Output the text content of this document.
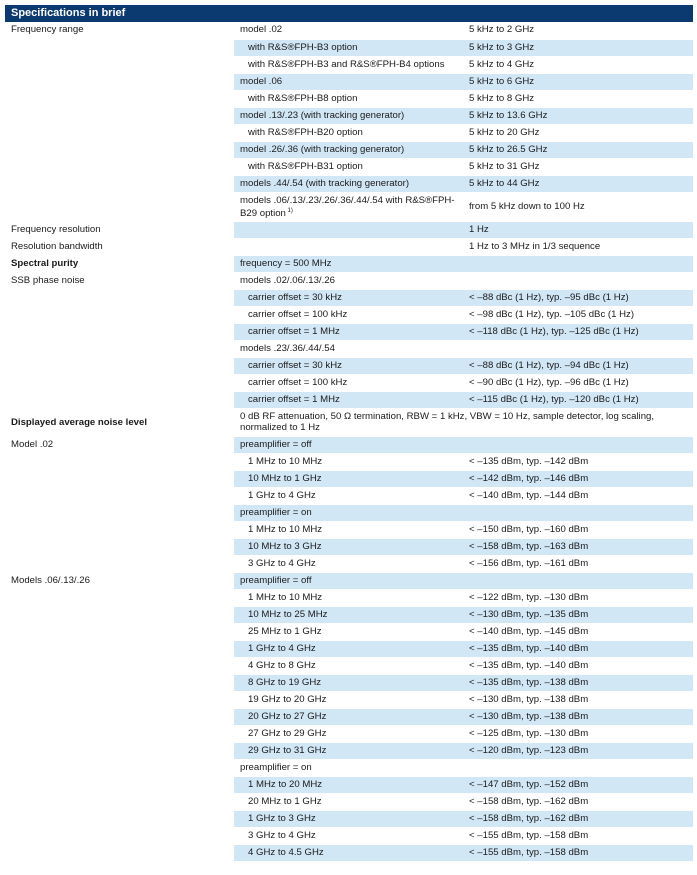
Specifications in brief
Frequency range	model .02	5 kHz to 2 GHz
	with R&S®FPH-B3 option	5 kHz to 3 GHz
	with R&S®FPH-B3 and R&S®FPH-B4 options	5 kHz to 4 GHz
	model .06	5 kHz to 6 GHz
	with R&S®FPH-B8 option	5 kHz to 8 GHz
	model .13/.23 (with tracking generator)	5 kHz to 13.6 GHz
	with R&S®FPH-B20 option	5 kHz to 20 GHz
	model .26/.36 (with tracking generator)	5 kHz to 26.5 GHz
	with R&S®FPH-B31 option	5 kHz to 31 GHz
	models .44/.54 (with tracking generator)	5 kHz to 44 GHz
	models .06/.13/.23/.26/.36/.44/.54 with R&S®FPH-B29 option $^{1)}$	from 5 kHz down to 100 Hz
Frequency resolution		1 Hz
Resolution bandwidth		1 Hz to 3 MHz in 1/3 sequence
Spectral purity	frequency = 500 MHz	
SSB phase noise	models .02/.06/.13/.26	
	carrier offset = 30 kHz	< –88 dBc (1 Hz), typ. –95 dBc (1 Hz)
	carrier offset = 100 kHz	< –98 dBc (1 Hz), typ. –105 dBc (1 Hz)
	carrier offset = 1 MHz	< –118 dBc (1 Hz), typ. –125 dBc (1 Hz)
	models .23/.36/.44/.54	
	carrier offset = 30 kHz	< –88 dBc (1 Hz), typ. –94 dBc (1 Hz)
	carrier offset = 100 kHz	< –90 dBc (1 Hz), typ. –96 dBc (1 Hz)
	carrier offset = 1 MHz	< –115 dBc (1 Hz), typ. –120 dBc (1 Hz)
Displayed average noise level	0 dB RF attenuation, 50 Ω termination, RBW = 1 kHz, VBW = 10 Hz, sample detector, log scaling, normalized to 1 Hz	
Model .02	preamplifier = off	
	1 MHz to 10 MHz	< –135 dBm, typ. –142 dBm
	10 MHz to 1 GHz	< –142 dBm, typ. –146 dBm
	1 GHz to 4 GHz	< –140 dBm, typ. –144 dBm
	preamplifier = on	
	1 MHz to 10 MHz	< –150 dBm, typ. –160 dBm
	10 MHz to 3 GHz	< –158 dBm, typ. –163 dBm
	3 GHz to 4 GHz	< –156 dBm, typ. –161 dBm
Models .06/.13/.26	preamplifier = off	
	1 MHz to 10 MHz	< –122 dBm, typ. –130 dBm
	10 MHz to 25 MHz	< –130 dBm, typ. –135 dBm
	25 MHz to 1 GHz	< –140 dBm, typ. –145 dBm
	1 GHz to 4 GHz	< –135 dBm, typ. –140 dBm
	4 GHz to 8 GHz	< –135 dBm, typ. –140 dBm
	8 GHz to 19 GHz	< –135 dBm, typ. –138 dBm
	19 GHz to 20 GHz	< –130 dBm, typ. –138 dBm
	20 GHz to 27 GHz	< –130 dBm, typ. –138 dBm
	27 GHz to 29 GHz	< –125 dBm, typ. –130 dBm
	29 GHz to 31 GHz	< –120 dBm, typ. –123 dBm
	preamplifier = on	
	1 MHz to 20 MHz	< –147 dBm, typ. –152 dBm
	20 MHz to 1 GHz	< –158 dBm, typ. –162 dBm
	1 GHz to 3 GHz	< –158 dBm, typ. –162 dBm
	3 GHz to 4 GHz	< –155 dBm, typ. –158 dBm
	4 GHz to 4.5 GHz	< –155 dBm, typ. –158 dBm
